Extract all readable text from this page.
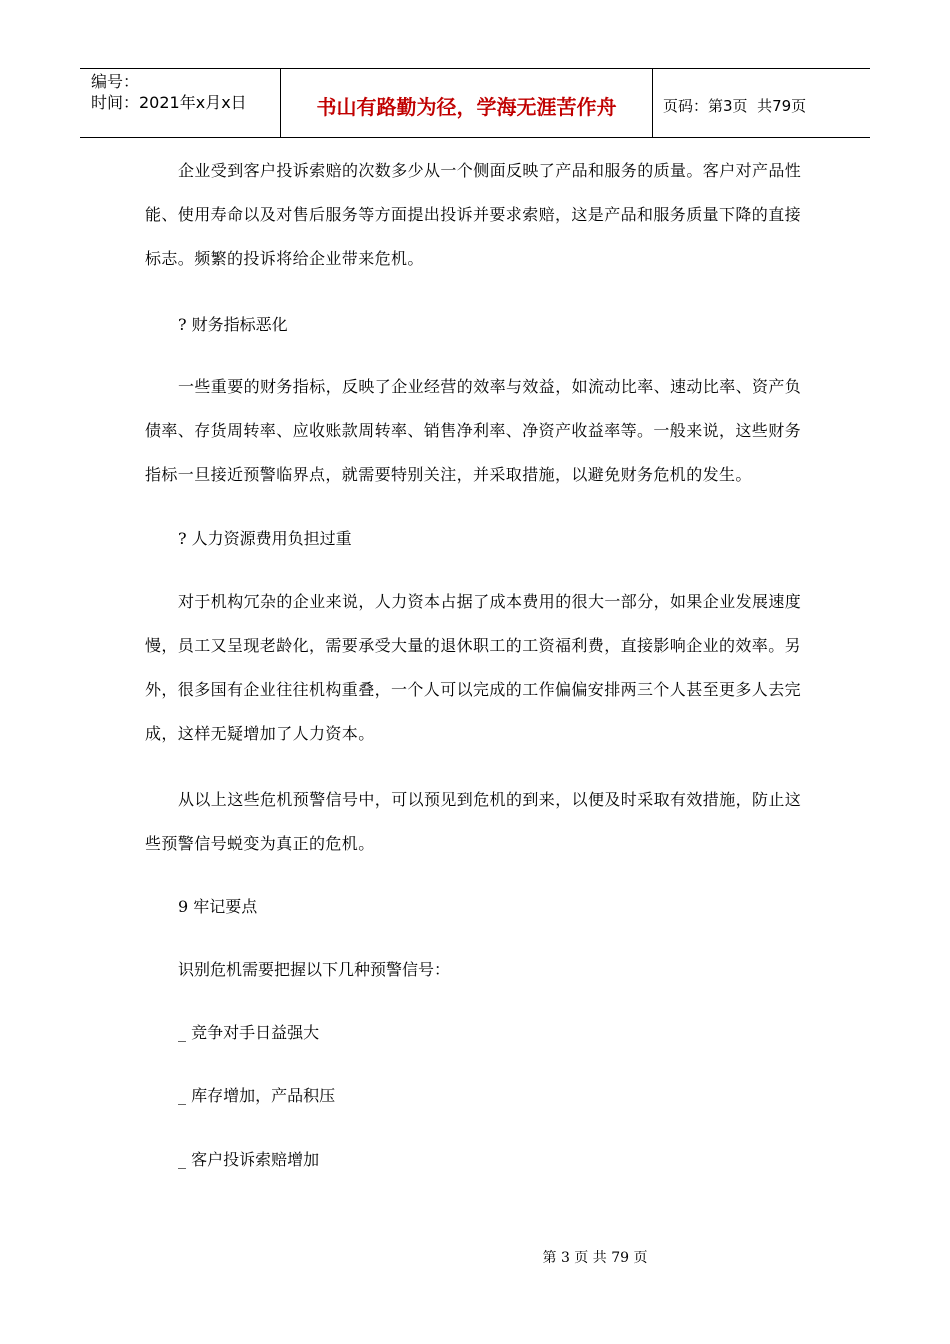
编号：
时间：2021年x月x日	书山有路勤为径，学海无涯苦作舟	页码：第3页  共79页

企业受到客户投诉索赔的次数多少从一个侧面反映了产品和服务的质量。客户对产品性能、使用寿命以及对售后服务等方面提出投诉并要求索赔，这是产品和服务质量下降的直接标志。频繁的投诉将给企业带来危机。

? 财务指标恶化

一些重要的财务指标，反映了企业经营的效率与效益，如流动比率、速动比率、资产负债率、存货周转率、应收账款周转率、销售净利率、净资产收益率等。一般来说，这些财务指标一旦接近预警临界点，就需要特别关注，并采取措施，以避免财务危机的发生。

? 人力资源费用负担过重

对于机构冗杂的企业来说，人力资本占据了成本费用的很大一部分，如果企业发展速度慢，员工又呈现老龄化，需要承受大量的退休职工的工资福利费，直接影响企业的效率。另外，很多国有企业往往机构重叠，一个人可以完成的工作偏偏安排两三个人甚至更多人去完成，这样无疑增加了人力资本。

从以上这些危机预警信号中，可以预见到危机的到来，以便及时采取有效措施，防止这些预警信号蜕变为真正的危机。

9 牢记要点

识别危机需要把握以下几种预警信号：

_ 竞争对手日益强大

_ 库存增加，产品积压

_ 客户投诉索赔增加

第 3 页 共 79 页
